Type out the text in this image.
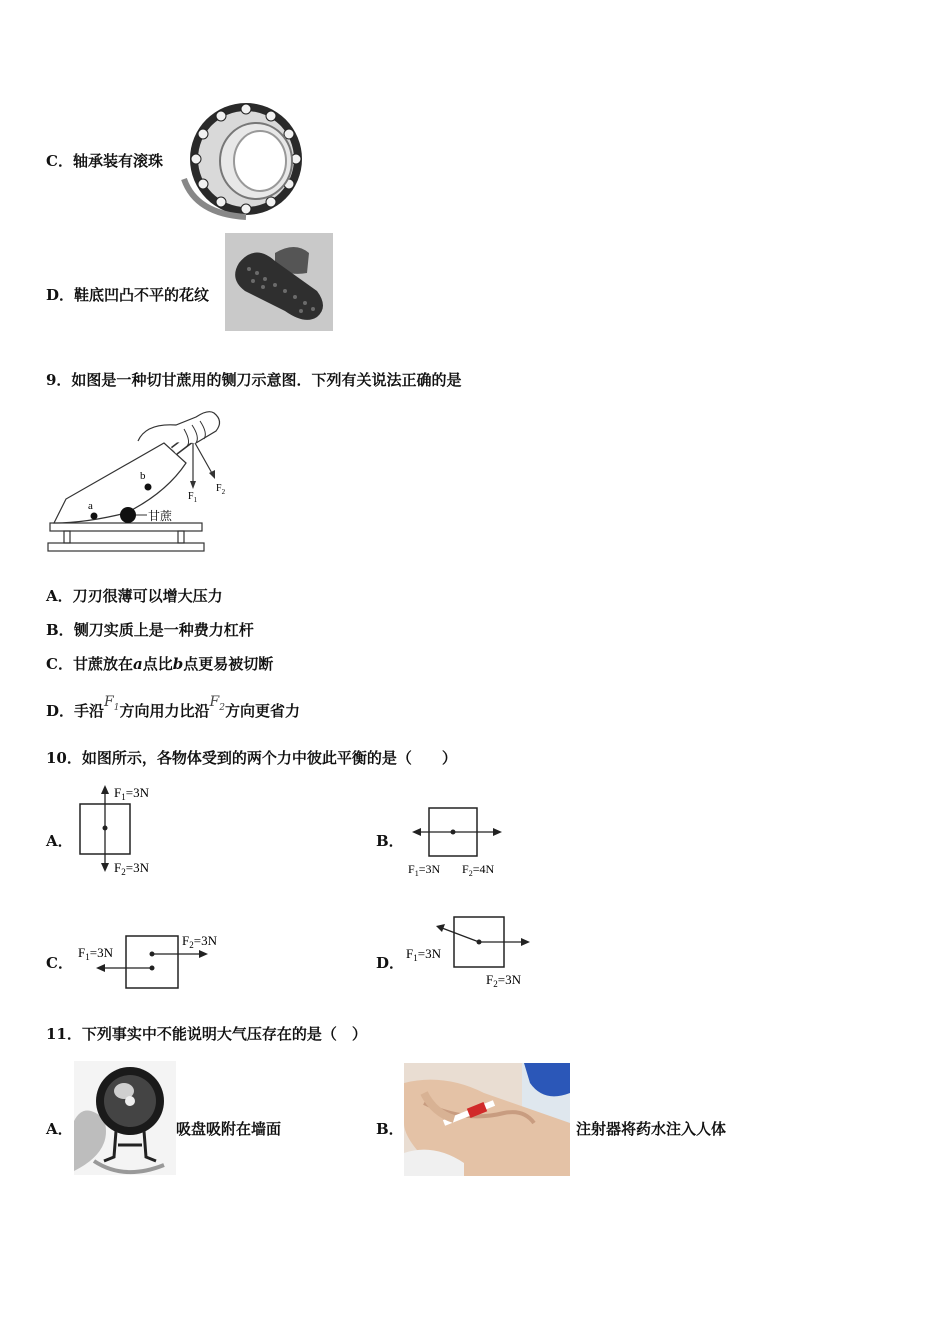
C．轴承装有滚珠
D．鞋底凹凸不平的花纹
9．如图是一种切甘蔗用的铡刀示意图．下列有关说法正确的是
a
b
甘蔗
$F_1$
$F_2$
A．刀刃很薄可以增大压力
B．铡刀实质上是一种费力杠杆
C．甘蔗放在a点比b点更易被切断
D．手沿$F_1$方向用力比沿$F_2$方向更省力
10．如图所示，各物体受到的两个力中彼此平衡的是（　　）
A．
$F_1=3N$
$F_2=3N$
B．
$F_1=3N$ $F_2=4N$
C．
$F_1=3N$
$F_2=3N$
D．
$F_1=3N$
$F_2=3N$
11．下列事实中不能说明大气压存在的是（　）
A．	吸盘吸附在墙面	B．	注射器将药水注入人体
